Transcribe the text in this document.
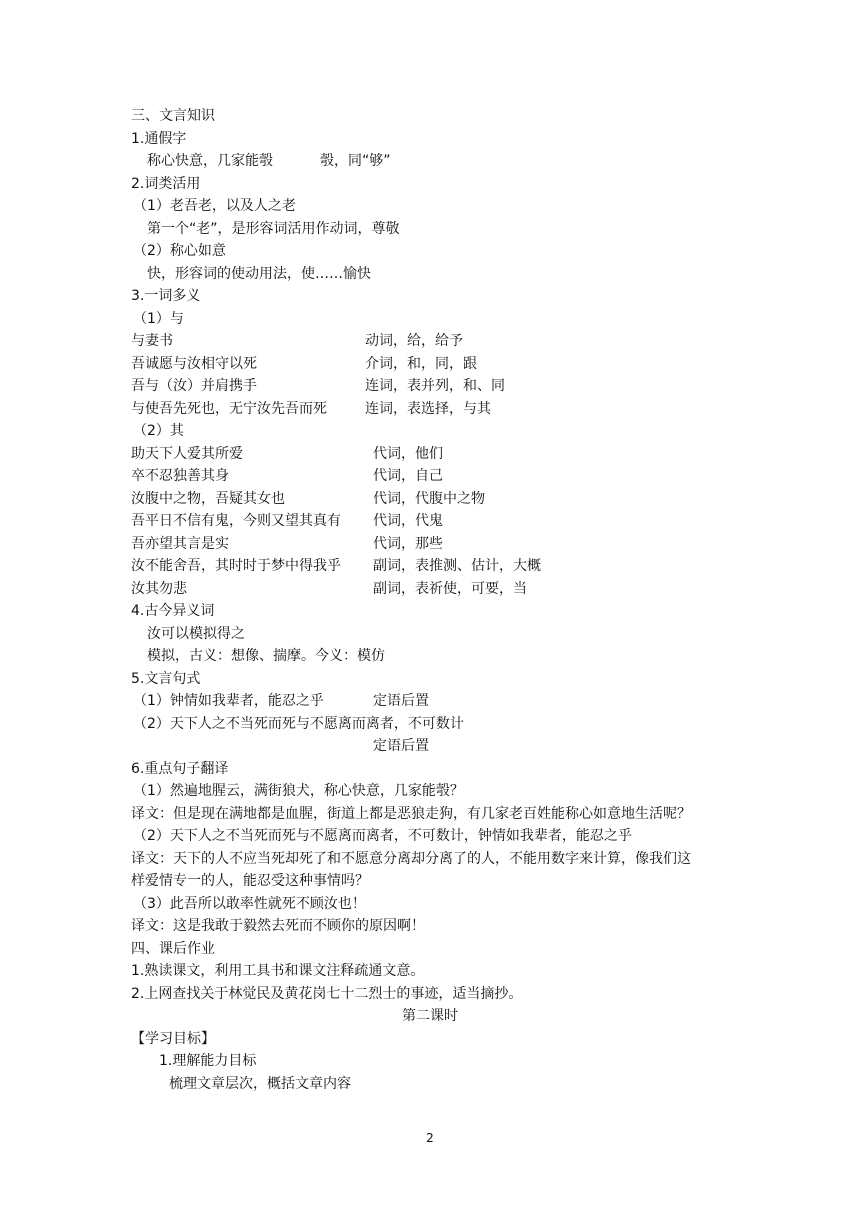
三、文言知识
1.通假字
称心快意，几家能彀	彀，同“够”
2.词类活用
（1）老吾老，以及人之老
第一个“老”，是形容词活用作动词，尊敬
（2）称心如意
快，形容词的使动用法，使……愉快
3.一词多义
（1）与
与妻书	动词，给，给予
吾诚愿与汝相守以死	介词，和，同，跟
吾与（汝）并肩携手	连词，表并列，和、同
与使吾先死也，无宁汝先吾而死	连词，表选择，与其
（2）其
助天下人爱其所爱	代词，他们
卒不忍独善其身	代词，自己
汝腹中之物，吾疑其女也	代词，代腹中之物
吾平日不信有鬼，今则又望其真有 代词，代鬼
吾亦望其言是实	代词，那些
汝不能舍吾，其时时于梦中得我乎 副词，表推测、估计，大概
汝其勿悲	副词，表祈使，可要，当
4.古今异义词
汝可以模拟得之
模拟，古义：想像、揣摩。今义：模仿
5.文言句式
（1）钟情如我辈者，能忍之乎	定语后置
（2）天下人之不当死而死与不愿离而离者，不可数计
定语后置
6.重点句子翻译
（1）然遍地腥云，满街狼犬，称心快意，几家能彀？
译文：但是现在满地都是血腥，街道上都是恶狼走狗，有几家老百姓能称心如意地生活呢？
（2）天下人之不当死而死与不愿离而离者，不可数计，钟情如我辈者，能忍之乎
译文：天下的人不应当死却死了和不愿意分离却分离了的人，不能用数字来计算，像我们这
样爱情专一的人，能忍受这种事情吗？
（3）此吾所以敢率性就死不顾汝也！
译文：这是我敢于毅然去死而不顾你的原因啊！
四、课后作业
1.熟读课文，利用工具书和课文注释疏通文意。
2.上网查找关于林觉民及黄花岗七十二烈士的事迹，适当摘抄。
第二课时
【学习目标】
1.理解能力目标
梳理文章层次，概括文章内容
2
